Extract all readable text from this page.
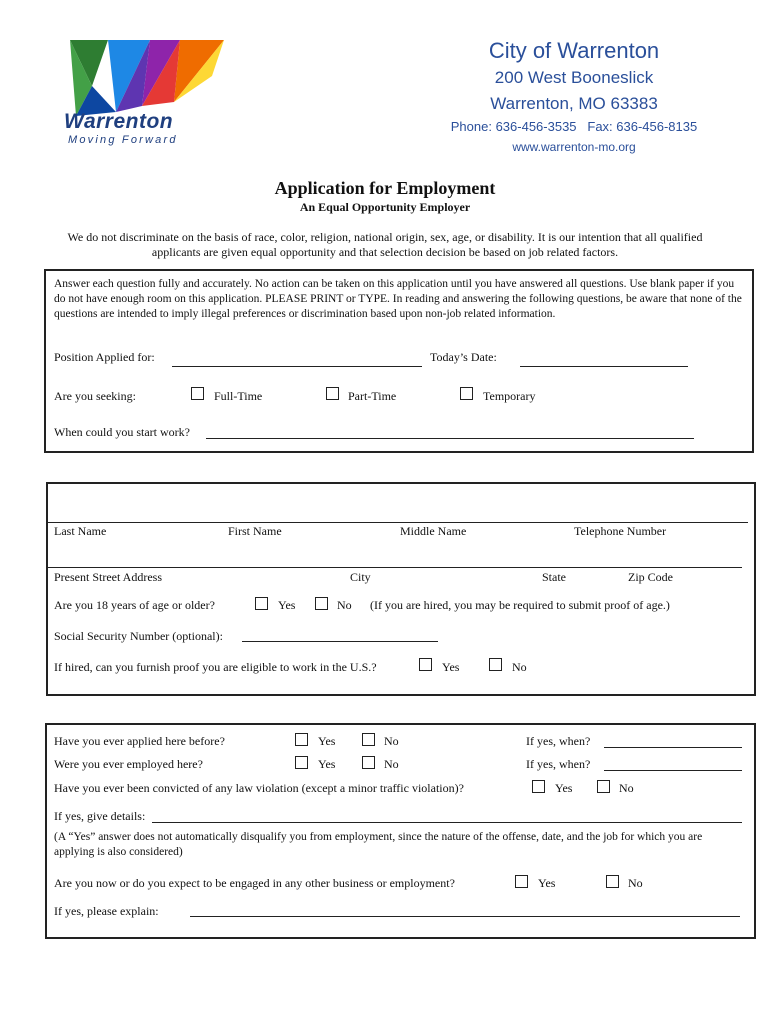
Warrenton
Moving Forward
City of Warrenton
200 West Booneslick
Warrenton, MO 63383
Phone: 636-456-3535   Fax: 636-456-8135
www.warrenton-mo.org
Application for Employment
An Equal Opportunity Employer
We do not discriminate on the basis of race, color, religion, national origin, sex, age, or disability. It is our intention that all qualified applicants are given equal opportunity and that selection decision be based on job related factors.
Answer each question fully and accurately. No action can be taken on this application until you have answered all questions. Use blank paper if you do not have enough room on this application. PLEASE PRINT or TYPE. In reading and answering the following questions, be aware that none of the questions are intended to imply illegal preferences or discrimination based upon non-job related information.
Position Applied for:	Today’s Date:
Are you seeking:	Full-Time	Part-Time	Temporary
When could you start work?
Last Name	First Name	Middle Name	Telephone Number
Present Street Address	City	State	Zip Code
Are you 18 years of age or older?	Yes	No (If you are hired, you may be required to submit proof of age.)
Social Security Number (optional):
If hired, can you furnish proof you are eligible to work in the U.S.?	Yes	No
Have you ever applied here before?	Yes	No	If yes, when?
Were you ever employed here?	Yes	No	If yes, when?
Have you ever been convicted of any law violation (except a minor traffic violation)?	Yes	No
If yes, give details:
(A “Yes” answer does not automatically disqualify you from employment, since the nature of the offense, date, and the job for which you are applying is also considered)
Are you now or do you expect to be engaged in any other business or employment?	Yes	No
If yes, please explain:
